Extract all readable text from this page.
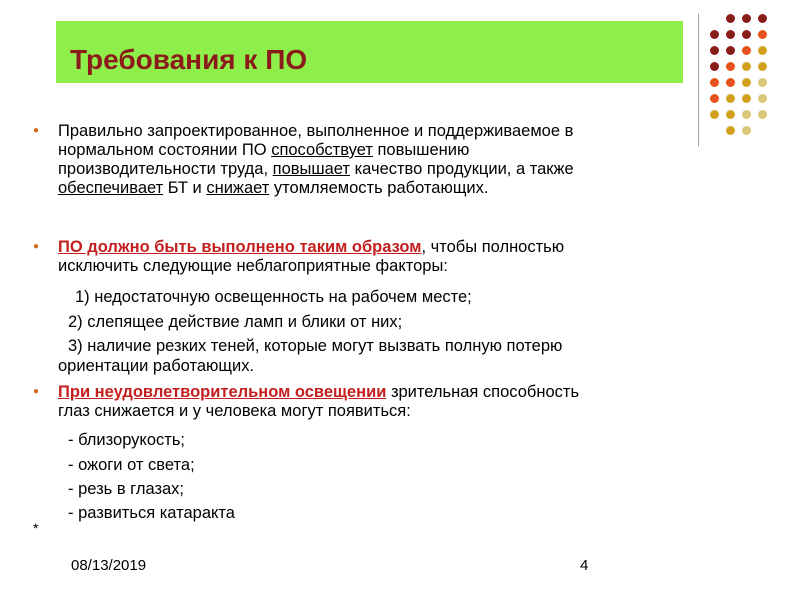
Требования к ПО
Правильно запроектированное, выполненное и поддерживаемое в нормальном состоянии ПО способствует повышению производительности труда, повышает качество продукции, а также обеспечивает БТ и снижает утомляемость работающих.
ПО должно быть выполнено таким образом, чтобы полностью исключить следующие неблагоприятные факторы:
1) недостаточную освещенность на рабочем месте;
2) слепящее действие ламп и блики от них;
3) наличие резких теней, которые могут вызвать полную потерю
ориентации работающих.
При неудовлетворительном освещении зрительная способность глаз снижается и у человека могут появиться:
- близорукость;
- ожоги от света;
- резь в глазах;
- развиться катаракта
*
08/13/2019	4
